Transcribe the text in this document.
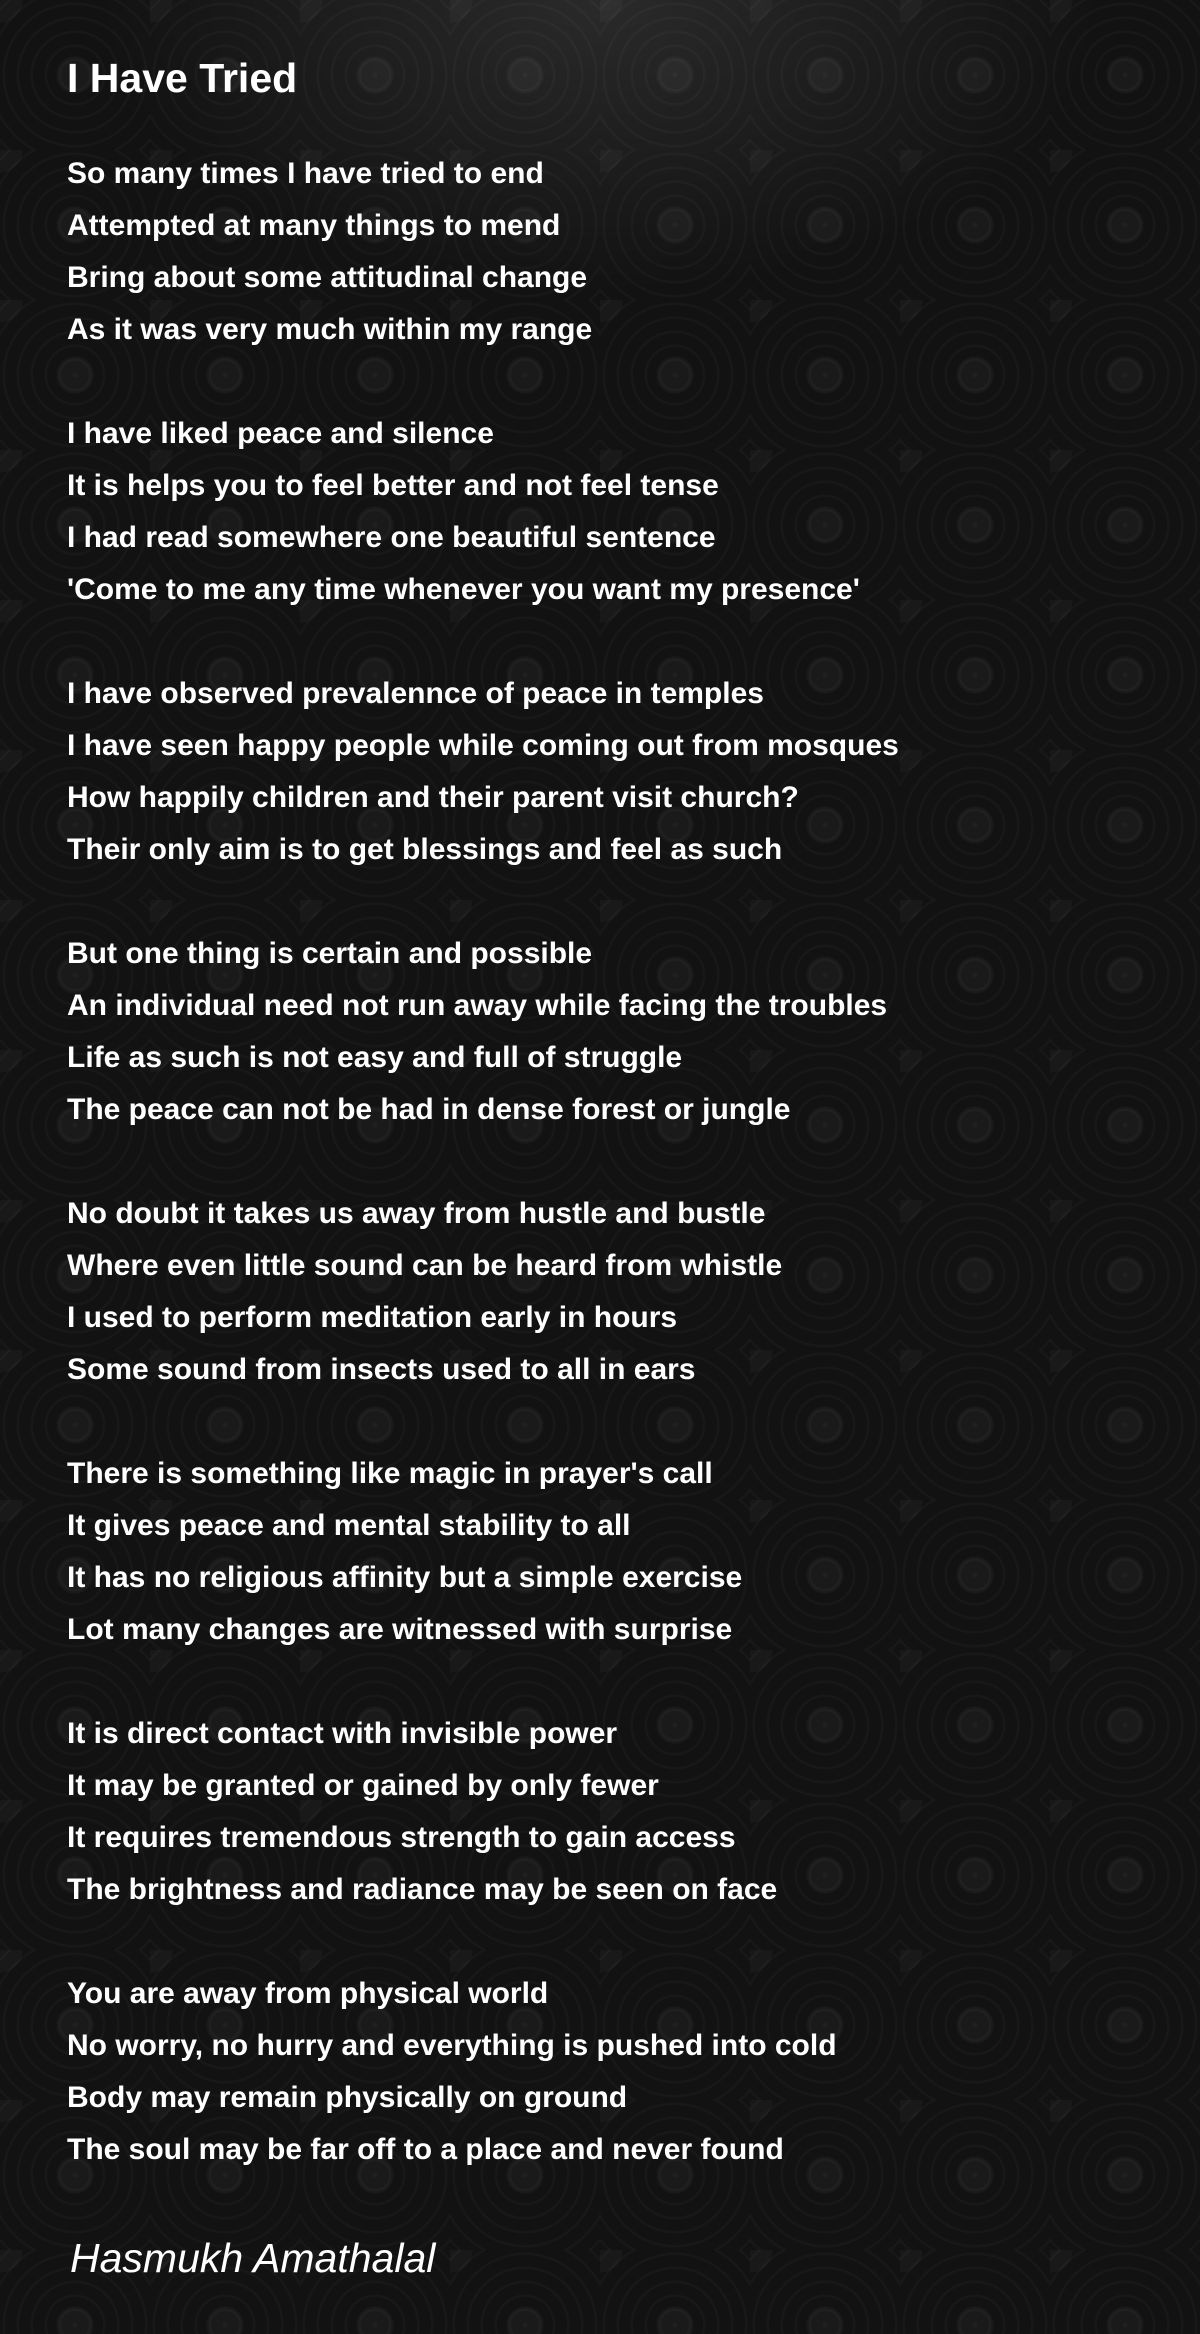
I Have Tried
So many times I have tried to end
Attempted at many things to mend
Bring about some attitudinal change
As it was very much within my range
I have liked peace and silence
It is helps you to feel better and not feel tense
I had read somewhere one beautiful sentence
'Come to me any time whenever you want my presence'
I have observed prevalennce of peace in temples
I have seen happy people while coming out from mosques
How happily children and their parent visit church?
Their only aim is to get blessings and feel as such
But one thing is certain and possible
An individual need not run away while facing the troubles
Life as such is not easy and full of struggle
The peace can not be had in dense forest or jungle
No doubt it takes us away from hustle and bustle
Where even little sound can be heard from whistle
I used to perform meditation early in hours
Some sound from insects used to all in ears
There is something like magic in prayer's call
It gives peace and mental stability to all
It has no religious affinity but a simple exercise
Lot many changes are witnessed with surprise
It is direct contact with invisible power
It may be granted or gained by only fewer
It requires tremendous strength to gain access
The brightness and radiance may be seen on face
You are away from physical world
No worry, no hurry and everything is pushed into cold
Body may remain physically on ground
The soul may be far off to a place and never found

Hasmukh Amathalal
